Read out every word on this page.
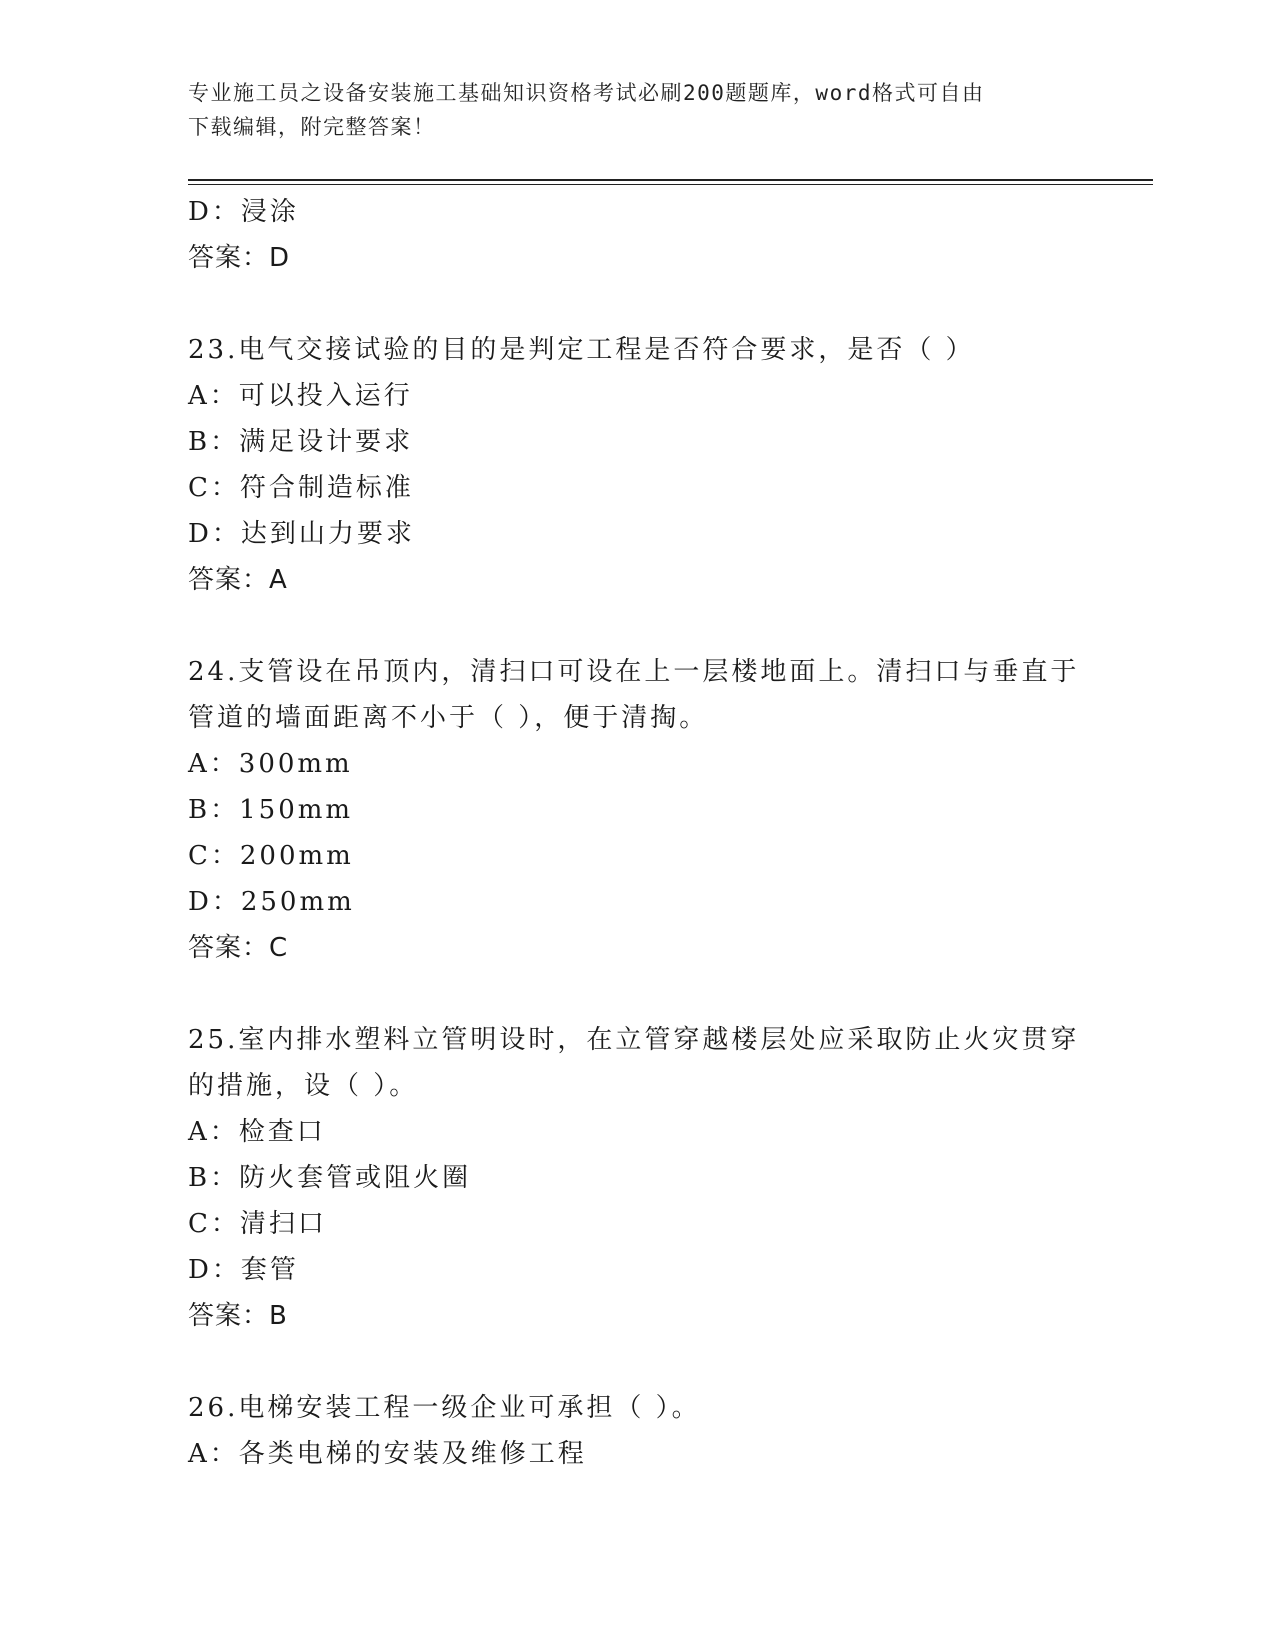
专业施工员之设备安装施工基础知识资格考试必刷200题题库，word格式可自由
下载编辑，附完整答案！
D：浸涂
答案：D
23.电气交接试验的目的是判定工程是否符合要求，是否（ ）
A：可以投入运行
B：满足设计要求
C：符合制造标准
D：达到山力要求
答案：A
24.支管设在吊顶内，清扫口可设在上一层楼地面上。清扫口与垂直于
管道的墙面距离不小于（ ），便于清掏。
A：300mm
B：150mm
C：200mm
D：250mm
答案：C
25.室内排水塑料立管明设时，在立管穿越楼层处应采取防止火灾贯穿
的措施，设（ ）。
A：检查口
B：防火套管或阻火圈
C：清扫口
D：套管
答案：B
26.电梯安装工程一级企业可承担（ ）。
A：各类电梯的安装及维修工程
